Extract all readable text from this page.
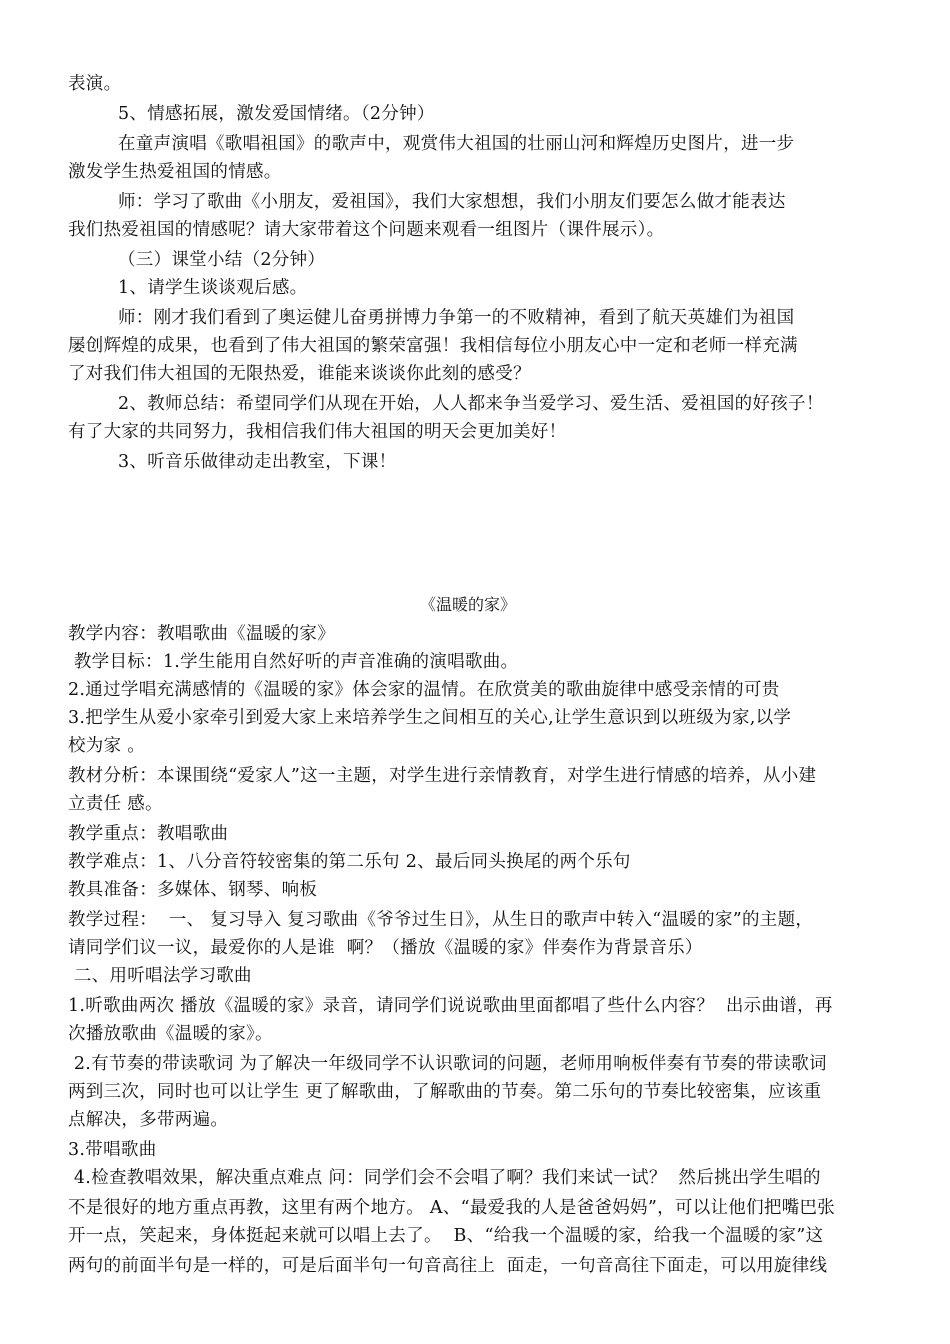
表演。
5、情感拓展，激发爱国情绪。（2分钟）
在童声演唱《歌唱祖国》的歌声中，观赏伟大祖国的壮丽山河和辉煌历史图片，进一步
激发学生热爱祖国的情感。
师：学习了歌曲《小朋友，爱祖国》，我们大家想想，我们小朋友们要怎么做才能表达
我们热爱祖国的情感呢？请大家带着这个问题来观看一组图片（课件展示）。
（三）课堂小结（2分钟）
1、请学生谈谈观后感。
师：刚才我们看到了奥运健儿奋勇拼博力争第一的不败精神，看到了航天英雄们为祖国
屡创辉煌的成果，也看到了伟大祖国的繁荣富强！我相信每位小朋友心中一定和老师一样充满
了对我们伟大祖国的无限热爱，谁能来谈谈你此刻的感受？
2、教师总结：希望同学们从现在开始，人人都来争当爱学习、爱生活、爱祖国的好孩子！
有了大家的共同努力，我相信我们伟大祖国的明天会更加美好！
3、听音乐做律动走出教室，下课！
《温暖的家》
教学内容：教唱歌曲《温暖的家》
教学目标：1.学生能用自然好听的声音准确的演唱歌曲。
2.通过学唱充满感情的《温暖的家》体会家的温情。在欣赏美的歌曲旋律中感受亲情的可贵
3.把学生从爱小家牵引到爱大家上来培养学生之间相互的关心,让学生意识到以班级为家,以学
校为家 。
教材分析：本课围绕“爱家人”这一主题，对学生进行亲情教育，对学生进行情感的培养，从小建
立责任 感。
教学重点：教唱歌曲
教学难点：1、八分音符较密集的第二乐句 2、最后同头换尾的两个乐句
教具准备：多媒体、钢琴、响板
教学过程：  一、 复习导入 复习歌曲《爷爷过生日》，从生日的歌声中转入“温暖的家”的主题，
请同学们议一议，最爱你的人是谁  啊？（播放《温暖的家》伴奏作为背景音乐）
二、用听唱法学习歌曲
1.听歌曲两次 播放《温暖的家》录音，请同学们说说歌曲里面都唱了些什么内容？  出示曲谱，再
次播放歌曲《温暖的家》。
2.有节奏的带读歌词 为了解决一年级同学不认识歌词的问题，老师用响板伴奏有节奏的带读歌词
两到三次，同时也可以让学生 更了解歌曲，了解歌曲的节奏。第二乐句的节奏比较密集，应该重
点解决，多带两遍。
3.带唱歌曲
4.检查教唱效果，解决重点难点 问：同学们会不会唱了啊？我们来试一试？  然后挑出学生唱的
不是很好的地方重点再教，这里有两个地方。 A、“最爱我的人是爸爸妈妈”，可以让他们把嘴巴张
开一点，笑起来，身体挺起来就可以唱上去了。  B、“给我一个温暖的家，给我一个温暖的家”这
两句的前面半句是一样的，可是后面半句一句音高往上  面走，一句音高往下面走，可以用旋律线
